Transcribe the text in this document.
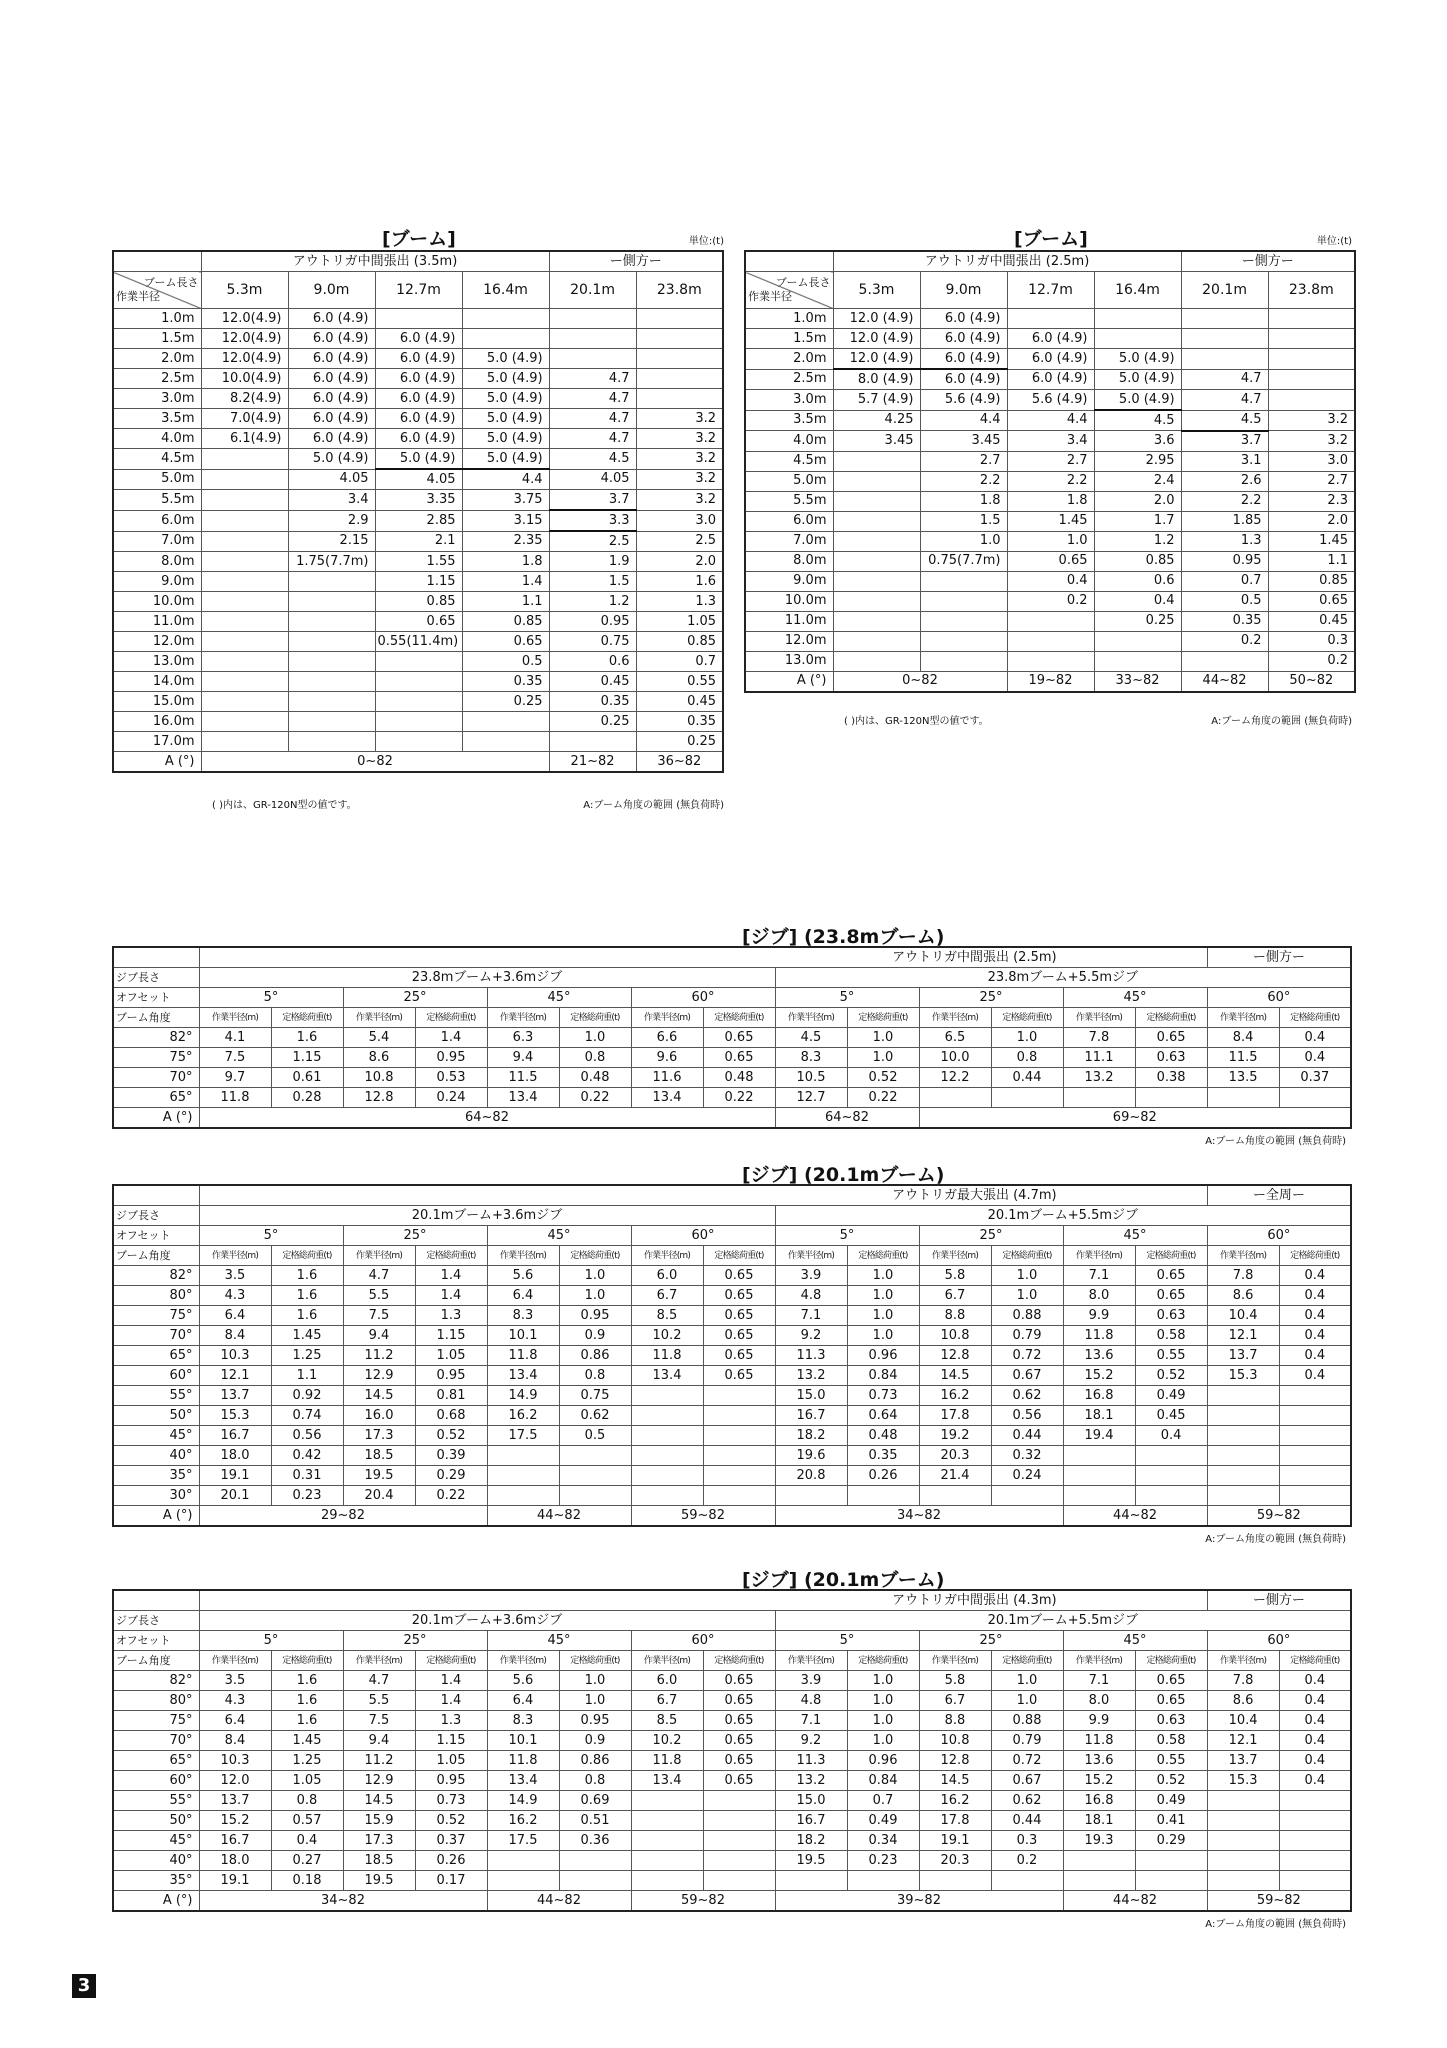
[ブーム]	単位:(t)
	アウトリガ中間張出 (3.5m)				ー側方ー	

ブーム長さ
作業半径	5.3m	9.0m	12.7m	16.4m	20.1m	23.8m
1.0m	12.0(4.9)	6.0 (4.9)				
1.5m	12.0(4.9)	6.0 (4.9)	6.0 (4.9)			
2.0m	12.0(4.9)	6.0 (4.9)	6.0 (4.9)	5.0 (4.9)		
2.5m	10.0(4.9)	6.0 (4.9)	6.0 (4.9)	5.0 (4.9)	4.7	
3.0m	8.2(4.9)	6.0 (4.9)	6.0 (4.9)	5.0 (4.9)	4.7	
3.5m	7.0(4.9)	6.0 (4.9)	6.0 (4.9)	5.0 (4.9)	4.7	3.2
4.0m	6.1(4.9)	6.0 (4.9)	6.0 (4.9)	5.0 (4.9)	4.7	3.2
4.5m		5.0 (4.9)	5.0 (4.9)	5.0 (4.9)	4.5	3.2
5.0m		4.05	4.05	4.4	4.05	3.2
5.5m		3.4	3.35	3.75	3.7	3.2
6.0m		2.9	2.85	3.15	3.3	3.0
7.0m		2.15	2.1	2.35	2.5	2.5
8.0m		1.75(7.7m)	1.55	1.8	1.9	2.0
9.0m			1.15	1.4	1.5	1.6
10.0m			0.85	1.1	1.2	1.3
11.0m			0.65	0.85	0.95	1.05
12.0m			0.55(11.4m)	0.65	0.75	0.85
13.0m				0.5	0.6	0.7
14.0m				0.35	0.45	0.55
15.0m				0.25	0.35	0.45
16.0m					0.25	0.35
17.0m						0.25
A (°)	0~82				21~82	36~82
( )内は、GR-120N型の値です。	A:ブーム角度の範囲 (無負荷時)
[ブーム]	単位:(t)
	アウトリガ中間張出 (2.5m)				ー側方ー	

ブーム長さ
作業半径	5.3m	9.0m	12.7m	16.4m	20.1m	23.8m
1.0m	12.0 (4.9)	6.0 (4.9)				
1.5m	12.0 (4.9)	6.0 (4.9)	6.0 (4.9)			
2.0m	12.0 (4.9)	6.0 (4.9)	6.0 (4.9)	5.0 (4.9)		
2.5m	8.0 (4.9)	6.0 (4.9)	6.0 (4.9)	5.0 (4.9)	4.7	
3.0m	5.7 (4.9)	5.6 (4.9)	5.6 (4.9)	5.0 (4.9)	4.7	
3.5m	4.25	4.4	4.4	4.5	4.5	3.2
4.0m	3.45	3.45	3.4	3.6	3.7	3.2
4.5m		2.7	2.7	2.95	3.1	3.0
5.0m		2.2	2.2	2.4	2.6	2.7
5.5m		1.8	1.8	2.0	2.2	2.3
6.0m		1.5	1.45	1.7	1.85	2.0
7.0m		1.0	1.0	1.2	1.3	1.45
8.0m		0.75(7.7m)	0.65	0.85	0.95	1.1
9.0m			0.4	0.6	0.7	0.85
10.0m			0.2	0.4	0.5	0.65
11.0m				0.25	0.35	0.45
12.0m					0.2	0.3
13.0m						0.2
A (°)	0~82		19~82	33~82	44~82	50~82
( )内は、GR-120N型の値です。	A:ブーム角度の範囲 (無負荷時)
[ジブ] (23.8mブーム)
	アウトリガ中間張出 (2.5m)														ー側方ー	
ジブ長さ	23.8mブーム+3.6mジブ								23.8mブーム+5.5mジブ							
オフセット	5°		25°		45°		60°		5°		25°		45°		60°	
ブーム角度	作業半径(m)	定格総荷重(t)	作業半径(m)	定格総荷重(t)	作業半径(m)	定格総荷重(t)	作業半径(m)	定格総荷重(t)	作業半径(m)	定格総荷重(t)	作業半径(m)	定格総荷重(t)	作業半径(m)	定格総荷重(t)	作業半径(m)	定格総荷重(t)
82°	4.1	1.6	5.4	1.4	6.3	1.0	6.6	0.65	4.5	1.0	6.5	1.0	7.8	0.65	8.4	0.4
75°	7.5	1.15	8.6	0.95	9.4	0.8	9.6	0.65	8.3	1.0	10.0	0.8	11.1	0.63	11.5	0.4
70°	9.7	0.61	10.8	0.53	11.5	0.48	11.6	0.48	10.5	0.52	12.2	0.44	13.2	0.38	13.5	0.37
65°	11.8	0.28	12.8	0.24	13.4	0.22	13.4	0.22	12.7	0.22						
A (°)	64~82								64~82		69~82					
A:ブーム角度の範囲 (無負荷時)
[ジブ] (20.1mブーム)
	アウトリガ最大張出 (4.7m)														ー全周ー	
ジブ長さ	20.1mブーム+3.6mジブ								20.1mブーム+5.5mジブ							
オフセット	5°		25°		45°		60°		5°		25°		45°		60°	
ブーム角度	作業半径(m)	定格総荷重(t)	作業半径(m)	定格総荷重(t)	作業半径(m)	定格総荷重(t)	作業半径(m)	定格総荷重(t)	作業半径(m)	定格総荷重(t)	作業半径(m)	定格総荷重(t)	作業半径(m)	定格総荷重(t)	作業半径(m)	定格総荷重(t)
82°	3.5	1.6	4.7	1.4	5.6	1.0	6.0	0.65	3.9	1.0	5.8	1.0	7.1	0.65	7.8	0.4
80°	4.3	1.6	5.5	1.4	6.4	1.0	6.7	0.65	4.8	1.0	6.7	1.0	8.0	0.65	8.6	0.4
75°	6.4	1.6	7.5	1.3	8.3	0.95	8.5	0.65	7.1	1.0	8.8	0.88	9.9	0.63	10.4	0.4
70°	8.4	1.45	9.4	1.15	10.1	0.9	10.2	0.65	9.2	1.0	10.8	0.79	11.8	0.58	12.1	0.4
65°	10.3	1.25	11.2	1.05	11.8	0.86	11.8	0.65	11.3	0.96	12.8	0.72	13.6	0.55	13.7	0.4
60°	12.1	1.1	12.9	0.95	13.4	0.8	13.4	0.65	13.2	0.84	14.5	0.67	15.2	0.52	15.3	0.4
55°	13.7	0.92	14.5	0.81	14.9	0.75			15.0	0.73	16.2	0.62	16.8	0.49		
50°	15.3	0.74	16.0	0.68	16.2	0.62			16.7	0.64	17.8	0.56	18.1	0.45		
45°	16.7	0.56	17.3	0.52	17.5	0.5			18.2	0.48	19.2	0.44	19.4	0.4		
40°	18.0	0.42	18.5	0.39					19.6	0.35	20.3	0.32				
35°	19.1	0.31	19.5	0.29					20.8	0.26	21.4	0.24				
30°	20.1	0.23	20.4	0.22												
A (°)	29~82				44~82		59~82		34~82				44~82		59~82	
A:ブーム角度の範囲 (無負荷時)
[ジブ] (20.1mブーム)
	アウトリガ中間張出 (4.3m)														ー側方ー	
ジブ長さ	20.1mブーム+3.6mジブ								20.1mブーム+5.5mジブ							
オフセット	5°		25°		45°		60°		5°		25°		45°		60°	
ブーム角度	作業半径(m)	定格総荷重(t)	作業半径(m)	定格総荷重(t)	作業半径(m)	定格総荷重(t)	作業半径(m)	定格総荷重(t)	作業半径(m)	定格総荷重(t)	作業半径(m)	定格総荷重(t)	作業半径(m)	定格総荷重(t)	作業半径(m)	定格総荷重(t)
82°	3.5	1.6	4.7	1.4	5.6	1.0	6.0	0.65	3.9	1.0	5.8	1.0	7.1	0.65	7.8	0.4
80°	4.3	1.6	5.5	1.4	6.4	1.0	6.7	0.65	4.8	1.0	6.7	1.0	8.0	0.65	8.6	0.4
75°	6.4	1.6	7.5	1.3	8.3	0.95	8.5	0.65	7.1	1.0	8.8	0.88	9.9	0.63	10.4	0.4
70°	8.4	1.45	9.4	1.15	10.1	0.9	10.2	0.65	9.2	1.0	10.8	0.79	11.8	0.58	12.1	0.4
65°	10.3	1.25	11.2	1.05	11.8	0.86	11.8	0.65	11.3	0.96	12.8	0.72	13.6	0.55	13.7	0.4
60°	12.0	1.05	12.9	0.95	13.4	0.8	13.4	0.65	13.2	0.84	14.5	0.67	15.2	0.52	15.3	0.4
55°	13.7	0.8	14.5	0.73	14.9	0.69			15.0	0.7	16.2	0.62	16.8	0.49		
50°	15.2	0.57	15.9	0.52	16.2	0.51			16.7	0.49	17.8	0.44	18.1	0.41		
45°	16.7	0.4	17.3	0.37	17.5	0.36			18.2	0.34	19.1	0.3	19.3	0.29		
40°	18.0	0.27	18.5	0.26					19.5	0.23	20.3	0.2				
35°	19.1	0.18	19.5	0.17												
A (°)	34~82				44~82		59~82		39~82				44~82		59~82	
A:ブーム角度の範囲 (無負荷時)
3
